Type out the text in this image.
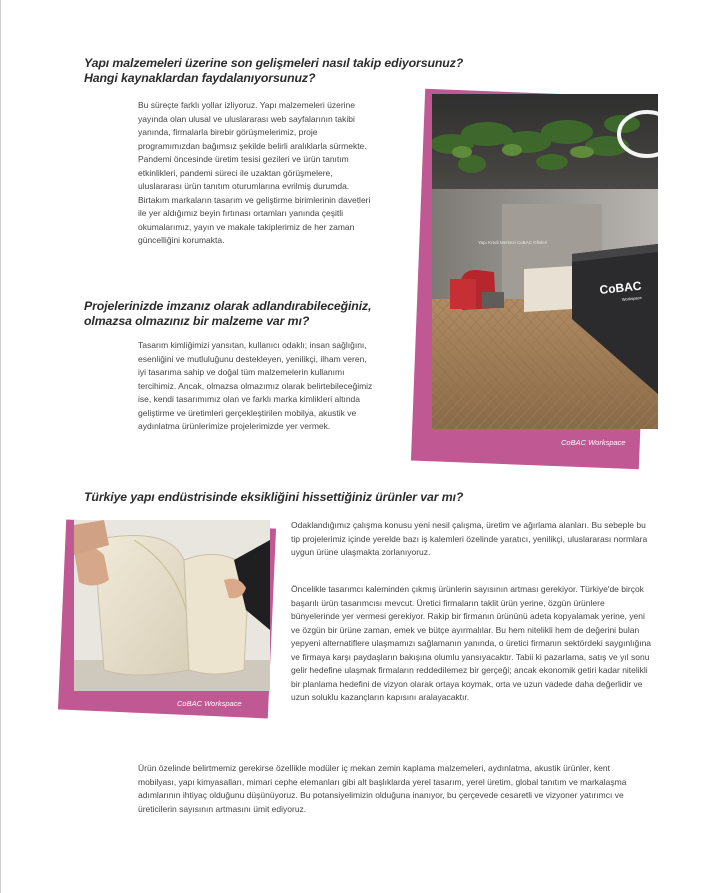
Yapı malzemeleri üzerine son gelişmeleri nasıl takip ediyorsunuz?
Hangi kaynaklardan faydalanıyorsunuz?

Bu süreçte farklı yollar izliyoruz. Yapı malzemeleri üzerine yayında olan ulusal ve uluslararası web sayfalarının takibi yanında, firmalarla birebir görüşmelerimiz, proje programımızdan bağımsız şekilde belirli aralıklarla sürmekte. Pandemi öncesinde üretim tesisi gezileri ve ürün tanıtım etkinlikleri, pandemi süreci ile uzaktan görüşmelere, uluslararası ürün tanıtım oturumlarına evrilmiş durumda. Birtakım markaların tasarım ve geliştirme birimlerinin davetleri ile yer aldığımız beyin fırtınası ortamları yanında çeşitli okumalarımız, yayın ve makale takiplerimiz de her zaman güncelliğini korumakta.	Yapı Kredi Merkezi CoBAC Ofisleri
CoBAC
Workspace
CoBAC Workspace
Projelerinizde imzanız olarak adlandırabileceğiniz,
olmazsa olmazınız bir malzeme var mı?

Tasarım kimliğimizi yansıtan, kullanıcı odaklı; insan sağlığını, esenliğini ve mutluluğunu destekleyen, yenilikçi, ilham veren, iyi tasarıma sahip ve doğal tüm malzemelerin kullanımı tercihimiz. Ancak, olmazsa olmazımız olarak belirtebileceğimiz ise, kendi tasarımımız olan ve farklı marka kimlikleri altında geliştirme ve üretimleri gerçekleştirilen mobilya, akustik ve aydınlatma ürünlerimize projelerimizde yer vermek.

Türkiye yapı endüstrisinde eksikliğini hissettiğiniz ürünler var mı?
CoBAC Workspace

Odaklandığımız çalışma konusu yeni nesil çalışma, üretim ve ağırlama alanları. Bu sebeple bu tip projelerimiz içinde yerelde bazı iş kalemleri özelinde yaratıcı, yenilikçi, uluslararası normlara uygun ürüne ulaşmakta zorlanıyoruz.

Öncelikle tasarımcı kaleminden çıkmış ürünlerin sayısının artması gerekiyor. Türkiye'de birçok başarılı ürün tasarımcısı mevcut. Üretici firmaların taklit ürün yerine, özgün ürünlere bünyelerinde yer vermesi gerekiyor. Rakip bir firmanın ürününü adeta kopyalamak yerine, yeni ve özgün bir ürüne zaman, emek ve bütçe ayırmalılar. Bu hem nitelikli hem de değerini bulan yepyeni alternatiflere ulaşmamızı sağlamanın yanında, o üretici firmanın sektördeki saygınlığına ve firmaya karşı paydaşların bakışına olumlu yansıyacaktır. Tabii ki pazarlama, satış ve yıl sonu gelir hedefine ulaşmak firmaların reddedilemez bir gerçeği; ancak ekonomik getiri kadar nitelikli bir planlama hedefini de vizyon olarak ortaya koymak, orta ve uzun vadede daha değerlidir ve uzun soluklu kazançların kapısını aralayacaktır.

Ürün özelinde belirtmemiz gerekirse özellikle modüler iç mekan zemin kaplama malzemeleri, aydınlatma, akustik ürünler, kent mobilyası, yapı kimyasalları, mimari cephe elemanları gibi alt başlıklarda yerel tasarım, yerel üretim, global tanıtım ve markalaşma adımlarının ihtiyaç olduğunu düşünüyoruz. Bu potansiyelimizin olduğuna inanıyor, bu çerçevede cesaretli ve vizyoner yatırımcı ve üreticilerin sayısının artmasını ümit ediyoruz.
